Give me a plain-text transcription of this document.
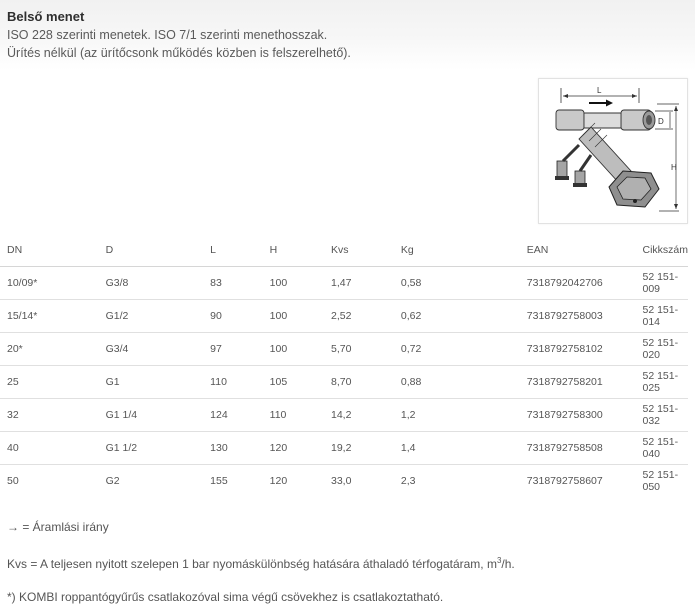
Belső menet
ISO 228 szerinti menetek. ISO 7/1 szerinti menethosszak.
Ürítés nélkül (az ürítőcsonk működés közben is felszerelhető).
L
D
H
DN	D	L	H	Kvs	Kg	EAN	Cikkszám
10/09*	G3/8	83	100	1,47	0,58	7318792042706	52 151-009
15/14*	G1/2	90	100	2,52	0,62	7318792758003	52 151-014
20*	G3/4	97	100	5,70	0,72	7318792758102	52 151-020
25	G1	110	105	8,70	0,88	7318792758201	52 151-025
32	G1 1/4	124	110	14,2	1,2	7318792758300	52 151-032
40	G1 1/2	130	120	19,2	1,4	7318792758508	52 151-040
50	G2	155	120	33,0	2,3	7318792758607	52 151-050
→ = Áramlási irány
Kvs = A teljesen nyitott szelepen 1 bar nyomáskülönbség hatására áthaladó térfogatáram, $m^3/h$.
*) KOMBI roppantógyűrűs csatlakozóval sima végű csövekhez is csatlakoztatható.
